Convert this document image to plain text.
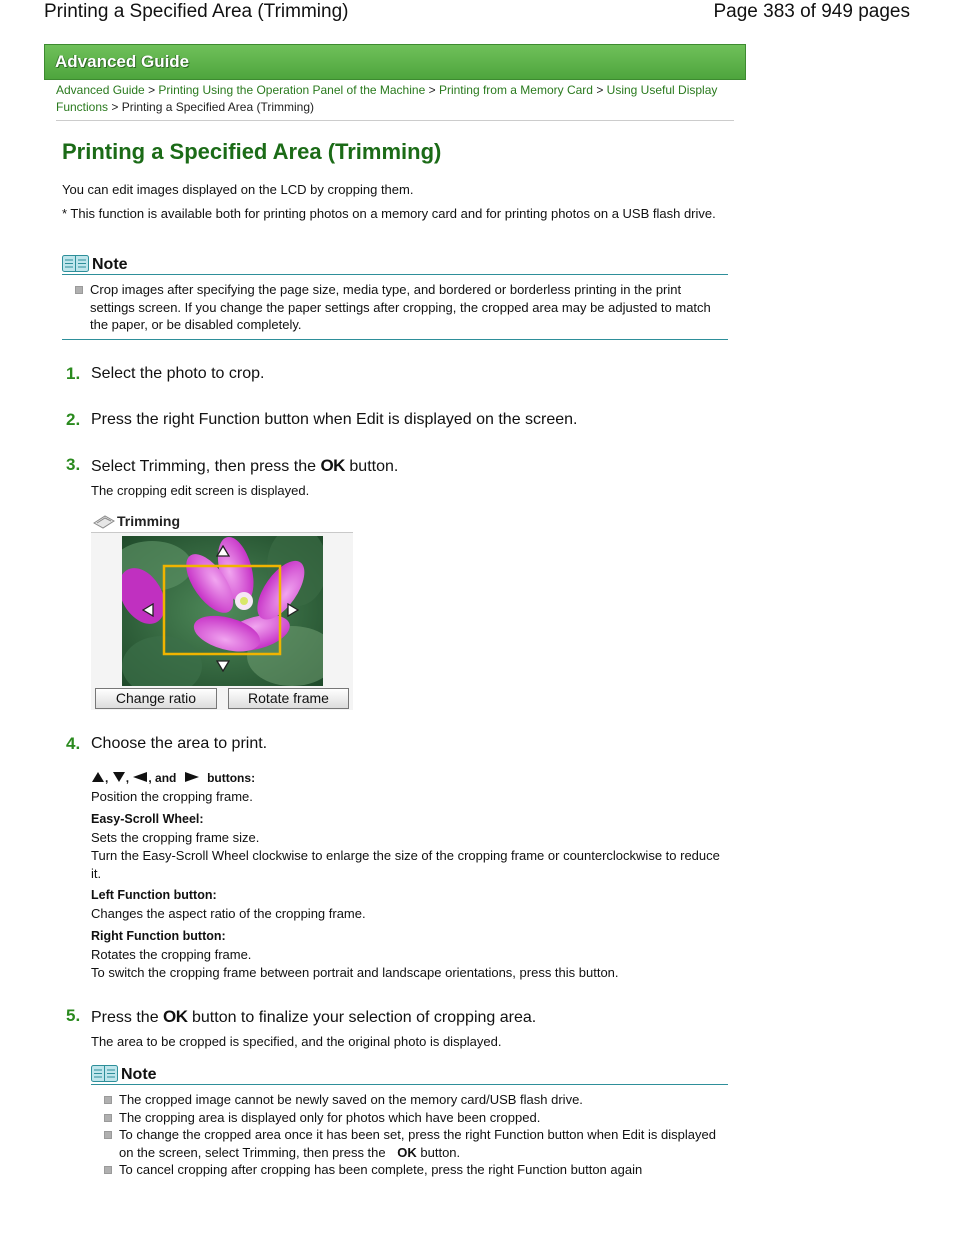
Printing a Specified Area (Trimming)	Page 383 of 949 pages
Advanced Guide
Advanced Guide > Printing Using the Operation Panel of the Machine > Printing from a Memory Card > Using Useful Display Functions > Printing a Specified Area (Trimming)
Printing a Specified Area (Trimming)
You can edit images displayed on the LCD by cropping them.
* This function is available both for printing photos on a memory card and for printing photos on a USB flash drive.
Note
Crop images after specifying the page size, media type, and bordered or borderless printing in the print settings screen. If you change the paper settings after cropping, the cropped area may be adjusted to match the paper, or be disabled completely.
1. Select the photo to crop.
2. Press the right Function button when Edit is displayed on the screen.
3. Select Trimming, then press the OK button.
The cropping edit screen is displayed.
Trimming
Change ratio	Rotate frame
4. Choose the area to print.
, , , and	buttons:
Position the cropping frame.
Easy-Scroll Wheel:
Sets the cropping frame size.
Turn the Easy-Scroll Wheel clockwise to enlarge the size of the cropping frame or counterclockwise to reduce it.
Left Function button:
Changes the aspect ratio of the cropping frame.
Right Function button:
Rotates the cropping frame.
To switch the cropping frame between portrait and landscape orientations, press this button.
5. Press the OK button to finalize your selection of cropping area.
The area to be cropped is specified, and the original photo is displayed.
Note
The cropped image cannot be newly saved on the memory card/USB flash drive.
The cropping area is displayed only for photos which have been cropped.
To change the cropped area once it has been set, press the right Function button when Edit is displayed on the screen, select Trimming, then press the OK button.
To cancel cropping after cropping has been complete, press the right Function button again
